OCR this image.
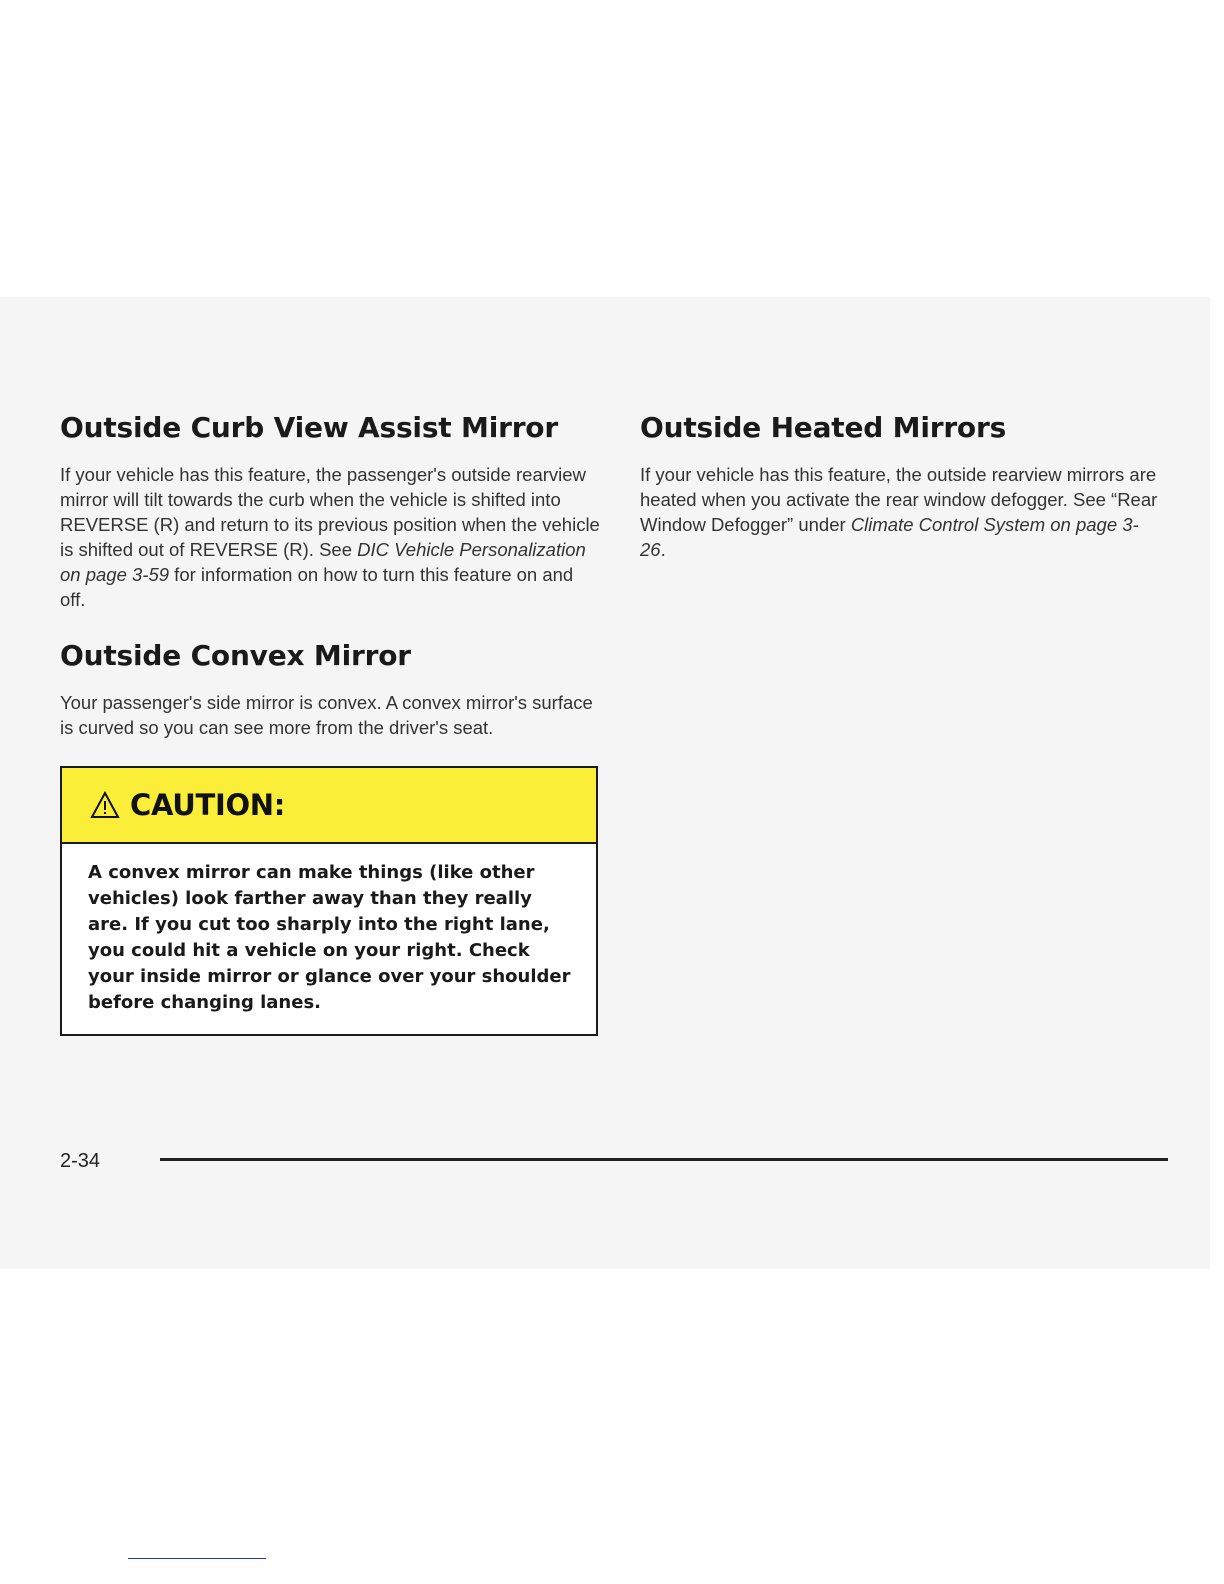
Outside Curb View Assist Mirror

If your vehicle has this feature, the passenger's outside rearview mirror will tilt towards the curb when the vehicle is shifted into REVERSE (R) and return to its previous position when the vehicle is shifted out of REVERSE (R). See DIC Vehicle Personalization on page 3-59 for information on how to turn this feature on and off.

Outside Convex Mirror

Your passenger's side mirror is convex. A convex mirror's surface is curved so you can see more from the driver's seat.

CAUTION:
A convex mirror can make things (like other vehicles) look farther away than they really are. If you cut too sharply into the right lane, you could hit a vehicle on your right. Check your inside mirror or glance over your shoulder before changing lanes.
Outside Heated Mirrors

If your vehicle has this feature, the outside rearview mirrors are heated when you activate the rear window defogger. See “Rear Window Defogger” under Climate Control System on page 3-26.

2-34
